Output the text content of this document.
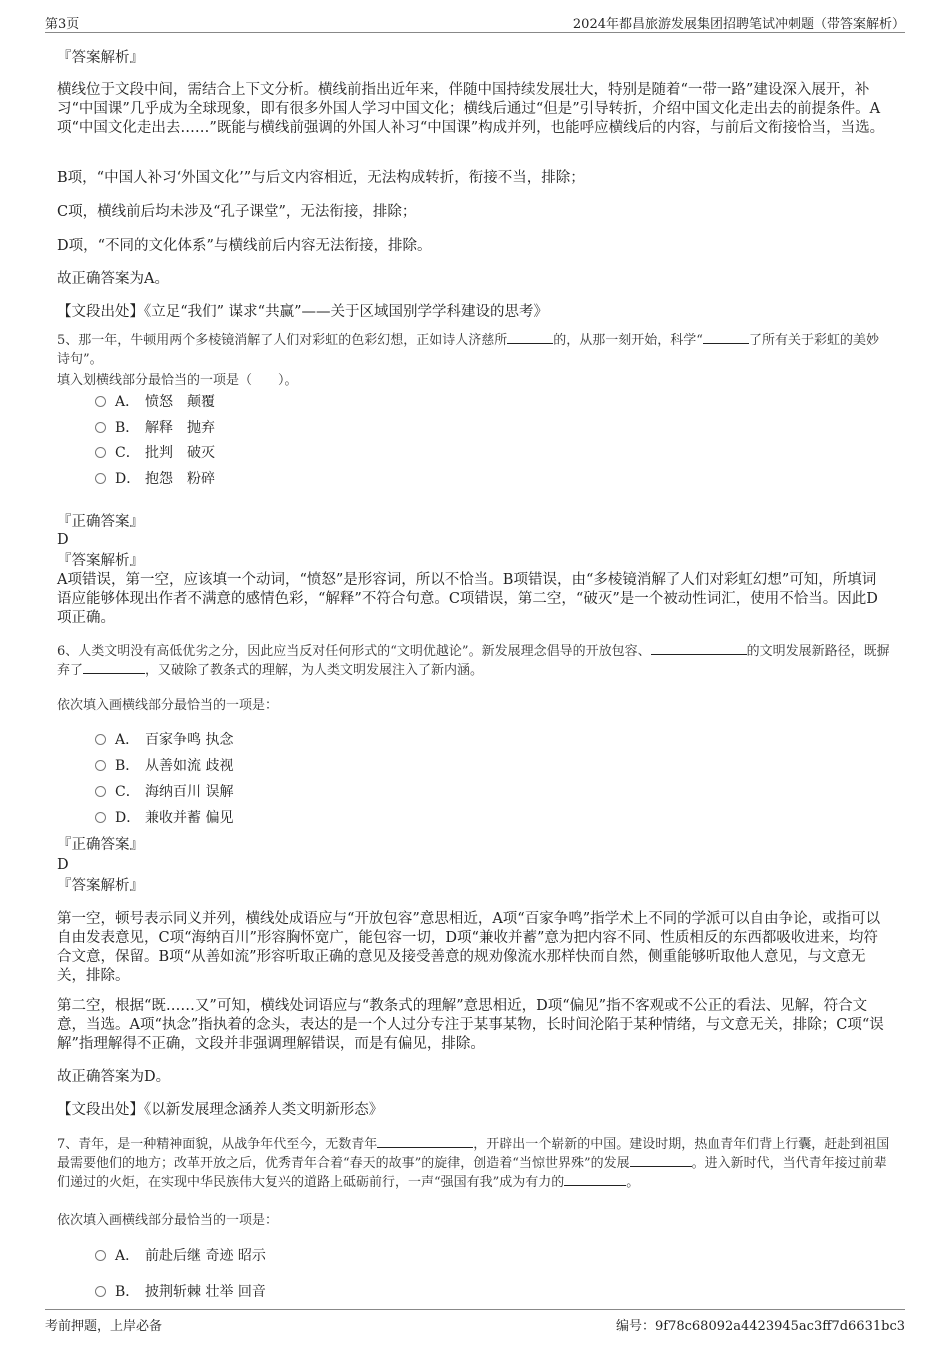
第3页	2024年都昌旅游发展集团招聘笔试冲刺题（带答案解析）
『答案解析』
横线位于文段中间，需结合上下文分析。横线前指出近年来，伴随中国持续发展壮大，特别是随着“一带一路”建设深入展开，补习“中国课”几乎成为全球现象，即有很多外国人学习中国文化；横线后通过“但是”引导转折，介绍中国文化走出去的前提条件。A项“中国文化走出去……”既能与横线前强调的外国人补习“中国课”构成并列，也能呼应横线后的内容，与前后文衔接恰当，当选。
B项，“中国人补习‘外国文化’”与后文内容相近，无法构成转折，衔接不当，排除；
C项，横线前后均未涉及“孔子课堂”，无法衔接，排除；
D项，“不同的文化体系”与横线前后内容无法衔接，排除。
故正确答案为A。
【文段出处】《立足“我们” 谋求“共赢”——关于区域国别学学科建设的思考》
5、那一年，牛顿用两个多棱镜消解了人们对彩虹的色彩幻想，正如诗人济慈所	的，从那一刻开始，科学“	了所有关于彩虹的美妙诗句”。
填入划横线部分最恰当的一项是（　　）。
A． 愤怒　颠覆
B． 解释　抛弃
C． 批判　破灭
D． 抱怨　粉碎
『正确答案』
D
『答案解析』
A项错误，第一空，应该填一个动词，“愤怒”是形容词，所以不恰当。B项错误，由“多棱镜消解了人们对彩虹幻想”可知，所填词语应能够体现出作者不满意的感情色彩，“解释”不符合句意。C项错误，第二空，“破灭”是一个被动性词汇，使用不恰当。因此D项正确。
6、人类文明没有高低优劣之分，因此应当反对任何形式的“文明优越论”。新发展理念倡导的开放包容、	的文明发展新路径，既摒弃了	，又破除了教条式的理解，为人类文明发展注入了新内涵。
依次填入画横线部分最恰当的一项是：
A． 百家争鸣 执念
B． 从善如流 歧视
C． 海纳百川 误解
D． 兼收并蓄 偏见
『正确答案』
D
『答案解析』
第一空，顿号表示同义并列，横线处成语应与“开放包容”意思相近，A项“百家争鸣”指学术上不同的学派可以自由争论，或指可以自由发表意见，C项“海纳百川”形容胸怀宽广，能包容一切，D项“兼收并蓄”意为把内容不同、性质相反的东西都吸收进来，均符合文意，保留。B项“从善如流”形容听取正确的意见及接受善意的规劝像流水那样快而自然，侧重能够听取他人意见，与文意无关，排除。
第二空，根据“既……又”可知，横线处词语应与“教条式的理解”意思相近，D项“偏见”指不客观或不公正的看法、见解，符合文意，当选。A项“执念”指执着的念头，表达的是一个人过分专注于某事某物，长时间沦陷于某种情绪，与文意无关，排除；C项“误解”指理解得不正确，文段并非强调理解错误，而是有偏见，排除。
故正确答案为D。
【文段出处】《以新发展理念涵养人类文明新形态》
7、青年，是一种精神面貌，从战争年代至今，无数青年	，开辟出一个崭新的中国。建设时期，热血青年们背上行囊，赶赴到祖国最需要他们的地方；改革开放之后，优秀青年合着“春天的故事”的旋律，创造着“当惊世界殊”的发展	。进入新时代，当代青年接过前辈们递过的火炬，在实现中华民族伟大复兴的道路上砥砺前行，一声“强国有我”成为有力的	。
依次填入画横线部分最恰当的一项是：
A． 前赴后继 奇迹 昭示
B． 披荆斩棘 壮举 回音
考前押题，上岸必备	编号：9f78c68092a4423945ac3ff7d6631bc3
